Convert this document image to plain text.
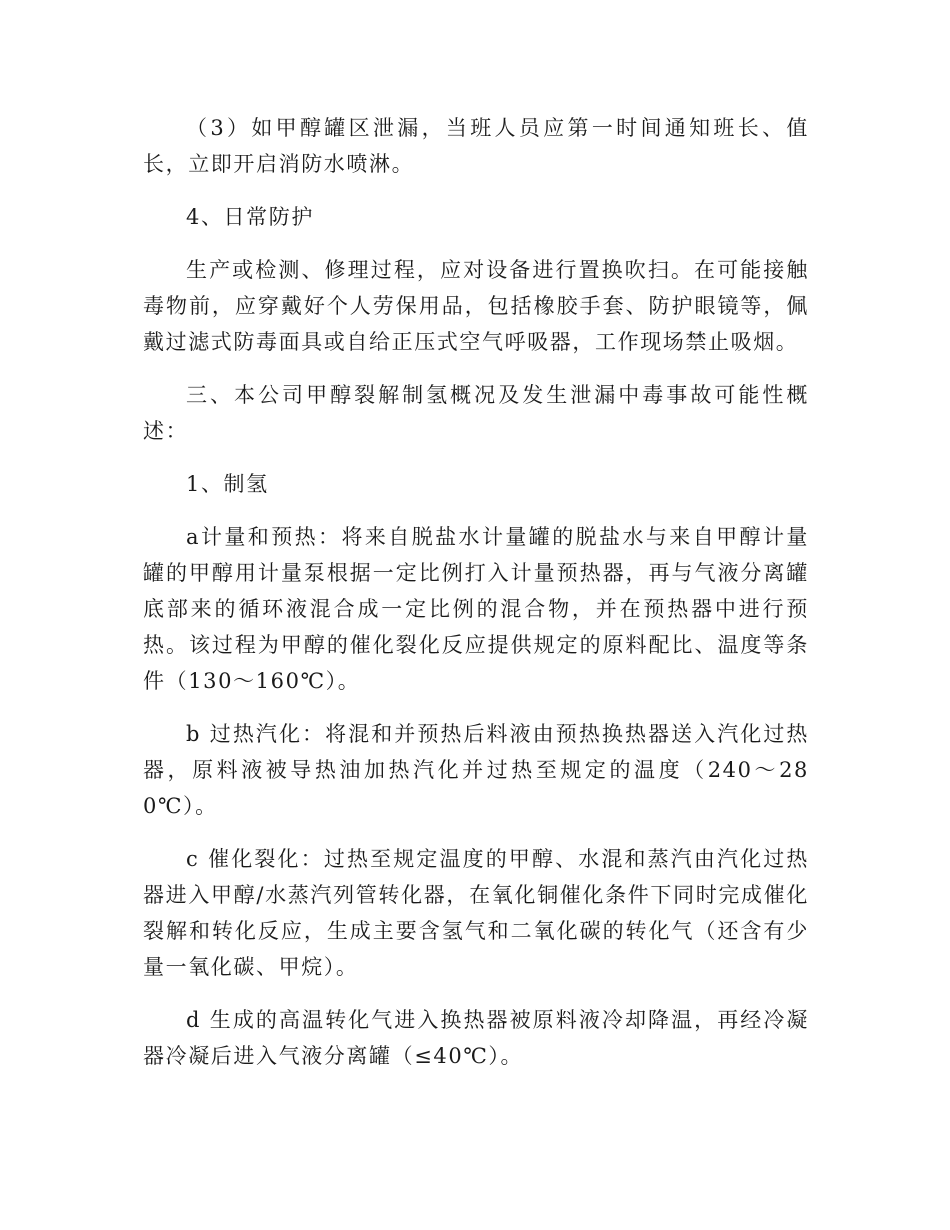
（3）如甲醇罐区泄漏，当班人员应第一时间通知班长、值长，立即开启消防水喷淋。

4、日常防护

生产或检测、修理过程，应对设备进行置换吹扫。在可能接触毒物前，应穿戴好个人劳保用品，包括橡胶手套、防护眼镜等，佩戴过滤式防毒面具或自给正压式空气呼吸器，工作现场禁止吸烟。

三、本公司甲醇裂解制氢概况及发生泄漏中毒事故可能性概述：

1、制氢

a计量和预热：将来自脱盐水计量罐的脱盐水与来自甲醇计量罐的甲醇用计量泵根据一定比例打入计量预热器，再与气液分离罐底部来的循环液混合成一定比例的混合物，并在预热器中进行预热。该过程为甲醇的催化裂化反应提供规定的原料配比、温度等条件（130～160℃）。

b 过热汽化：将混和并预热后料液由预热换热器送入汽化过热器，原料液被导热油加热汽化并过热至规定的温度（240～280℃）。

c 催化裂化：过热至规定温度的甲醇、水混和蒸汽由汽化过热器进入甲醇/水蒸汽列管转化器，在氧化铜催化条件下同时完成催化裂解和转化反应，生成主要含氢气和二氧化碳的转化气（还含有少量一氧化碳、甲烷）。

d 生成的高温转化气进入换热器被原料液冷却降温，再经冷凝器冷凝后进入气液分离罐（≤40℃）。
